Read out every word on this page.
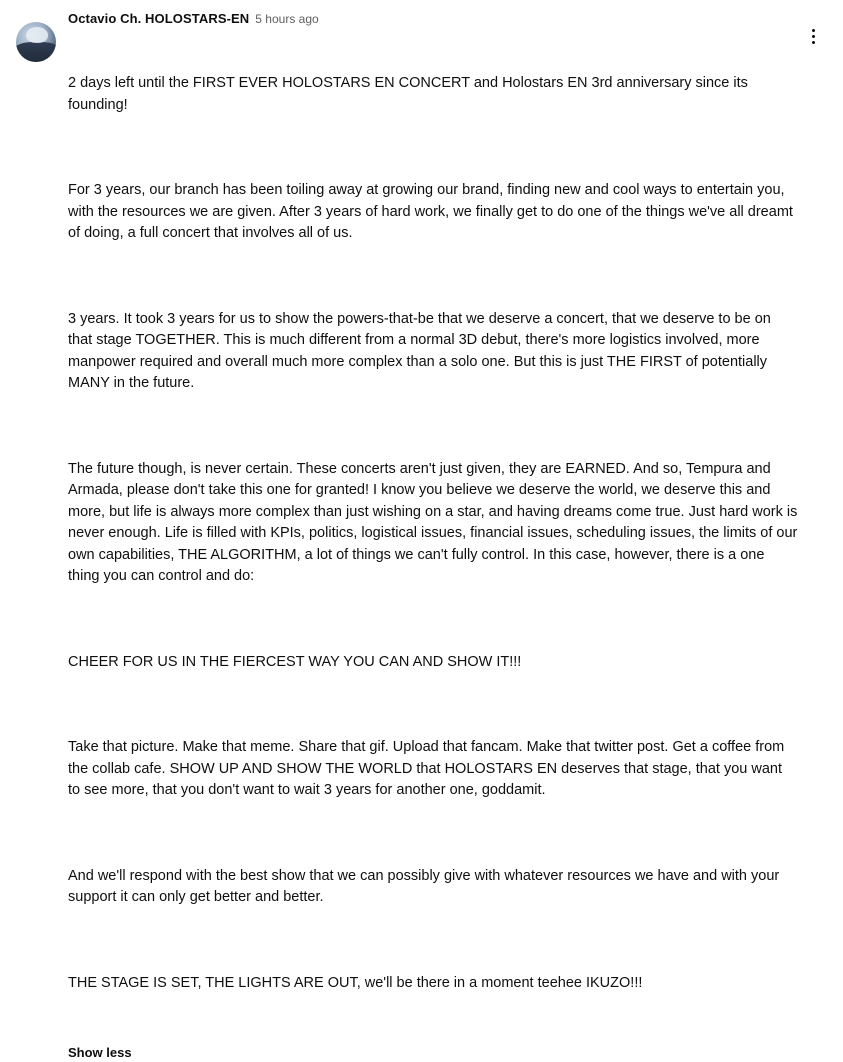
Octavio Ch. HOLOSTARS-EN 5 hours ago

2 days left until the FIRST EVER HOLOSTARS EN CONCERT and Holostars EN 3rd anniversary since its founding!

For 3 years, our branch has been toiling away at growing our brand, finding new and cool ways to entertain you, with the resources we are given. After 3 years of hard work, we finally get to do one of the things we've all dreamt of doing, a full concert that involves all of us.

3 years. It took 3 years for us to show the powers-that-be that we deserve a concert, that we deserve to be on that stage TOGETHER. This is much different from a normal 3D debut, there's more logistics involved, more manpower required and overall much more complex than a solo one. But this is just THE FIRST of potentially MANY in the future.

The future though, is never certain. These concerts aren't just given, they are EARNED. And so, Tempura and Armada, please don't take this one for granted! I know you believe we deserve the world, we deserve this and more, but life is always more complex than just wishing on a star, and having dreams come true. Just hard work is never enough. Life is filled with KPIs, politics, logistical issues, financial issues, scheduling issues, the limits of our own capabilities, THE ALGORITHM, a lot of things we can't fully control. In this case, however, there is a one thing you can control and do:

CHEER FOR US IN THE FIERCEST WAY YOU CAN AND SHOW IT!!!

Take that picture. Make that meme. Share that gif. Upload that fancam. Make that twitter post. Get a coffee from the collab cafe. SHOW UP AND SHOW THE WORLD that HOLOSTARS EN deserves that stage, that you want to see more, that you don't want to wait 3 years for another one, goddamit.

And we'll respond with the best show that we can possibly give with whatever resources we have and with your support it can only get better and better.

THE STAGE IS SET, THE LIGHTS ARE OUT, we'll be there in a moment teehee IKUZO!!!

Show less
